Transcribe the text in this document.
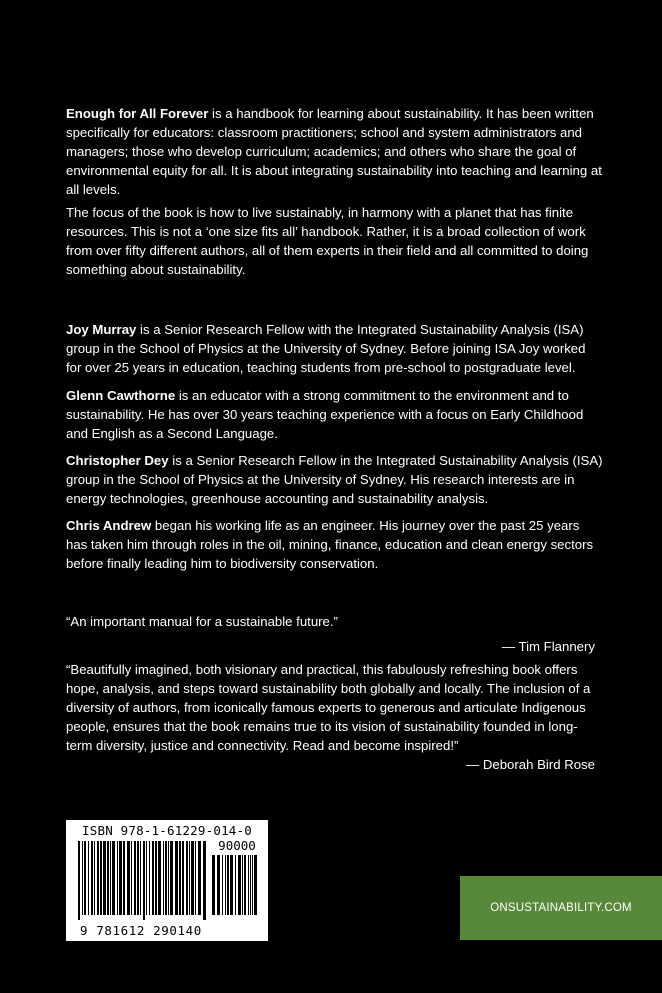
Enough for All Forever is a handbook for learning about sustainability. It has been written specifically for educators: classroom practitioners; school and system administrators and managers; those who develop curriculum; academics; and others who share the goal of environmental equity for all. It is about integrating sustainability into teaching and learning at all levels.

The focus of the book is how to live sustainably, in harmony with a planet that has finite resources. This is not a ‘one size fits all’ handbook. Rather, it is a broad collection of work from over fifty different authors, all of them experts in their field and all committed to doing something about sustainability.

Joy Murray is a Senior Research Fellow with the Integrated Sustainability Analysis (ISA) group in the School of Physics at the University of Sydney. Before joining ISA Joy worked for over 25 years in education, teaching students from pre-school to postgraduate level.

Glenn Cawthorne is an educator with a strong commitment to the environment and to sustainability. He has over 30 years teaching experience with a focus on Early Childhood and English as a Second Language.

Christopher Dey is a Senior Research Fellow in the Integrated Sustainability Analysis (ISA) group in the School of Physics at the University of Sydney. His research interests are in energy technologies, greenhouse accounting and sustainability analysis.

Chris Andrew began his working life as an engineer. His journey over the past 25 years has taken him through roles in the oil, mining, finance, education and clean energy sectors before finally leading him to biodiversity conservation.

“An important manual for a sustainable future.”

— Tim Flannery

“Beautifully imagined, both visionary and practical, this fabulously refreshing book offers hope, analysis, and steps toward sustainability both globally and locally. The inclusion of a diversity of authors, from iconically famous experts to generous and articulate Indigenous people, ensures that the book remains true to its vision of sustainability founded in long-term diversity, justice and connectivity. Read and become inspired!”

— Deborah Bird Rose

ISBN 978-1-61229-014-0
90000
9 781612 290140
ONSUSTAINABILITY.COM
